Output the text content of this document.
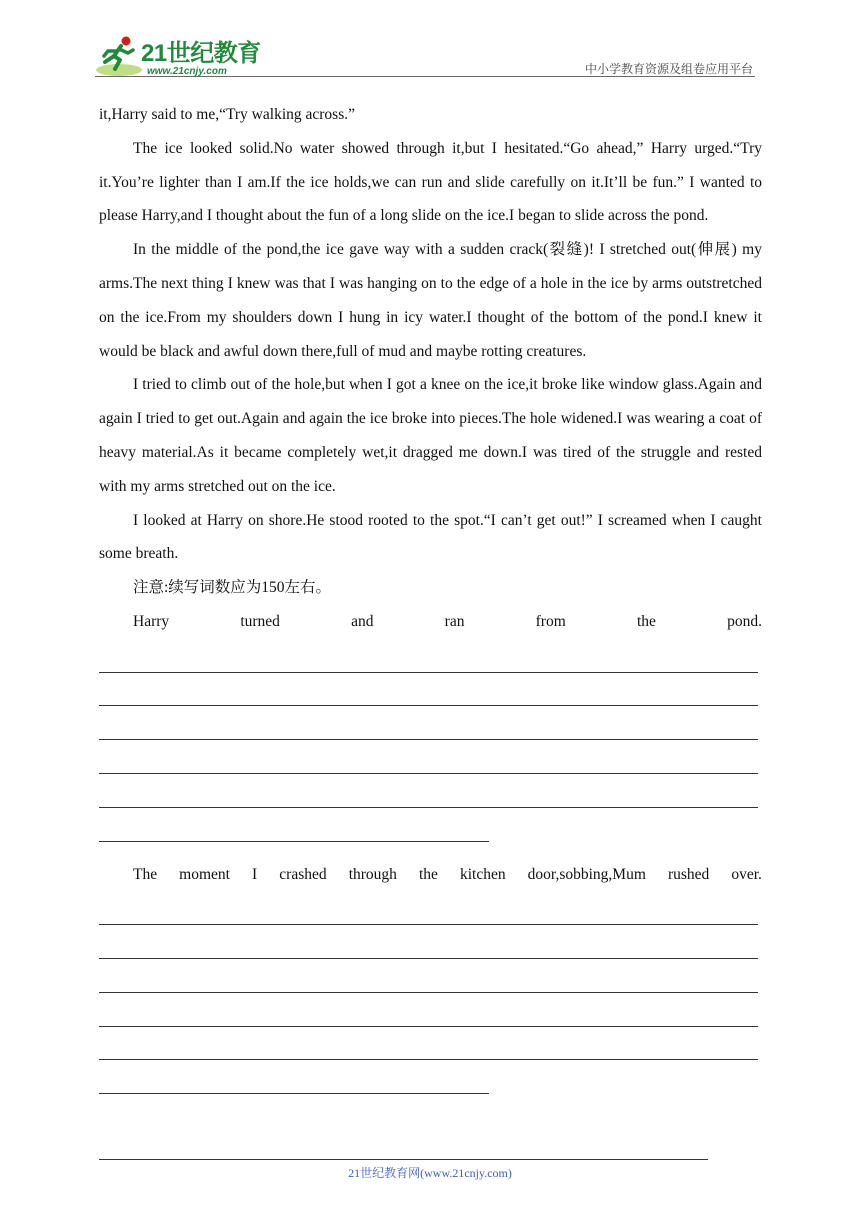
21世纪教育
www.21cnjy.com	中小学教育资源及组卷应用平台

it,Harry said to me,“Try walking across.”

The ice looked solid.No water showed through it,but I hesitated.“Go ahead,” Harry urged.“Try it.You’re lighter than I am.If the ice holds,we can run and slide carefully on it.It’ll be fun.” I wanted to please Harry,and I thought about the fun of a long slide on the ice.I began to slide across the pond.

In the middle of the pond,the ice gave way with a sudden crack(裂缝)! I stretched out(伸展) my arms.The next thing I knew was that I was hanging on to the edge of a hole in the ice by arms outstretched on the ice.From my shoulders down I hung in icy water.I thought of the bottom of the pond.I knew it would be black and awful down there,full of mud and maybe rotting creatures.

I tried to climb out of the hole,but when I got a knee on the ice,it broke like window glass.Again and again I tried to get out.Again and again the ice broke into pieces.The hole widened.I was wearing a coat of heavy material.As it became completely wet,it dragged me down.I was tired of the struggle and rested with my arms stretched out on the ice.

I looked at Harry on shore.He stood rooted to the spot.“I can’t get out!” I screamed when I caught some breath.

注意:续写词数应为150左右。

Harry	turned	and	ran	from	the	pond.
The moment I crashed through the kitchen door,sobbing,Mum rushed over.
21世纪教育网(www.21cnjy.com)
